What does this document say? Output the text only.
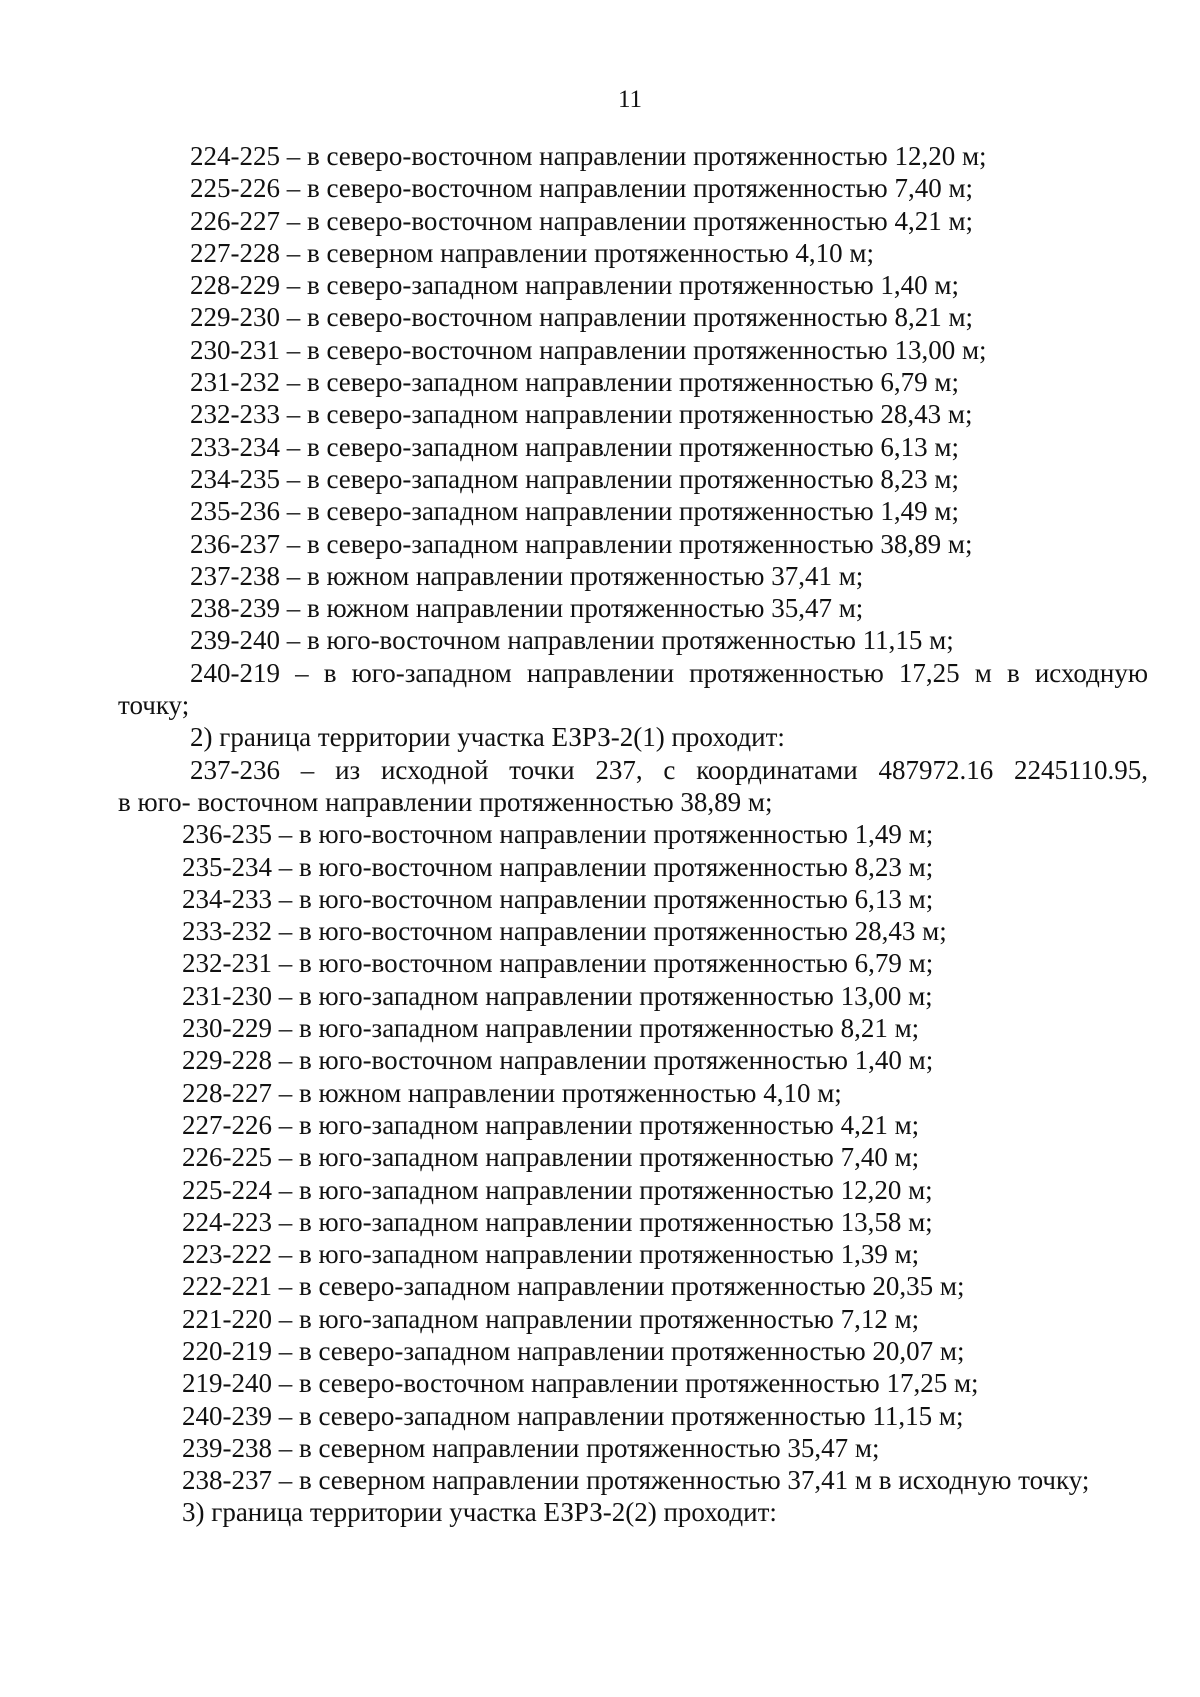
11
224-225 – в северо-восточном направлении протяженностью 12,20 м;
225-226 – в северо-восточном направлении протяженностью 7,40 м;
226-227 – в северо-восточном направлении протяженностью 4,21 м;
227-228 – в северном направлении протяженностью 4,10 м;
228-229 – в северо-западном направлении протяженностью 1,40 м;
229-230 – в северо-восточном направлении протяженностью 8,21 м;
230-231 – в северо-восточном направлении протяженностью 13,00 м;
231-232 – в северо-западном направлении протяженностью 6,79 м;
232-233 – в северо-западном направлении протяженностью 28,43 м;
233-234 – в северо-западном направлении протяженностью 6,13 м;
234-235 – в северо-западном направлении протяженностью 8,23 м;
235-236 – в северо-западном направлении протяженностью 1,49 м;
236-237 – в северо-западном направлении протяженностью 38,89 м;
237-238 – в южном направлении протяженностью 37,41 м;
238-239 – в южном направлении протяженностью 35,47 м;
239-240 – в юго-восточном направлении протяженностью 11,15 м;
240-219 – в юго-западном направлении протяженностью 17,25 м в исходную
точку;
2) граница территории участка ЕЗРЗ-2(1) проходит:
237-236 – из исходной точки 237, с координатами 487972.16 2245110.95,
в юго- восточном направлении протяженностью 38,89 м;
236-235 – в юго-восточном направлении протяженностью 1,49 м;
235-234 – в юго-восточном направлении протяженностью 8,23 м;
234-233 – в юго-восточном направлении протяженностью 6,13 м;
233-232 – в юго-восточном направлении протяженностью 28,43 м;
232-231 – в юго-восточном направлении протяженностью 6,79 м;
231-230 – в юго-западном направлении протяженностью 13,00 м;
230-229 – в юго-западном направлении протяженностью 8,21 м;
229-228 – в юго-восточном направлении протяженностью 1,40 м;
228-227 – в южном направлении протяженностью 4,10 м;
227-226 – в юго-западном направлении протяженностью 4,21 м;
226-225 – в юго-западном направлении протяженностью 7,40 м;
225-224 – в юго-западном направлении протяженностью 12,20 м;
224-223 – в юго-западном направлении протяженностью 13,58 м;
223-222 – в юго-западном направлении протяженностью 1,39 м;
222-221 – в северо-западном направлении протяженностью 20,35 м;
221-220 – в юго-западном направлении протяженностью 7,12 м;
220-219 – в северо-западном направлении протяженностью 20,07 м;
219-240 – в северо-восточном направлении протяженностью 17,25 м;
240-239 – в северо-западном направлении протяженностью 11,15 м;
239-238 – в северном направлении протяженностью 35,47 м;
238-237 – в северном направлении протяженностью 37,41 м в исходную точку;
3) граница территории участка ЕЗРЗ-2(2) проходит:
